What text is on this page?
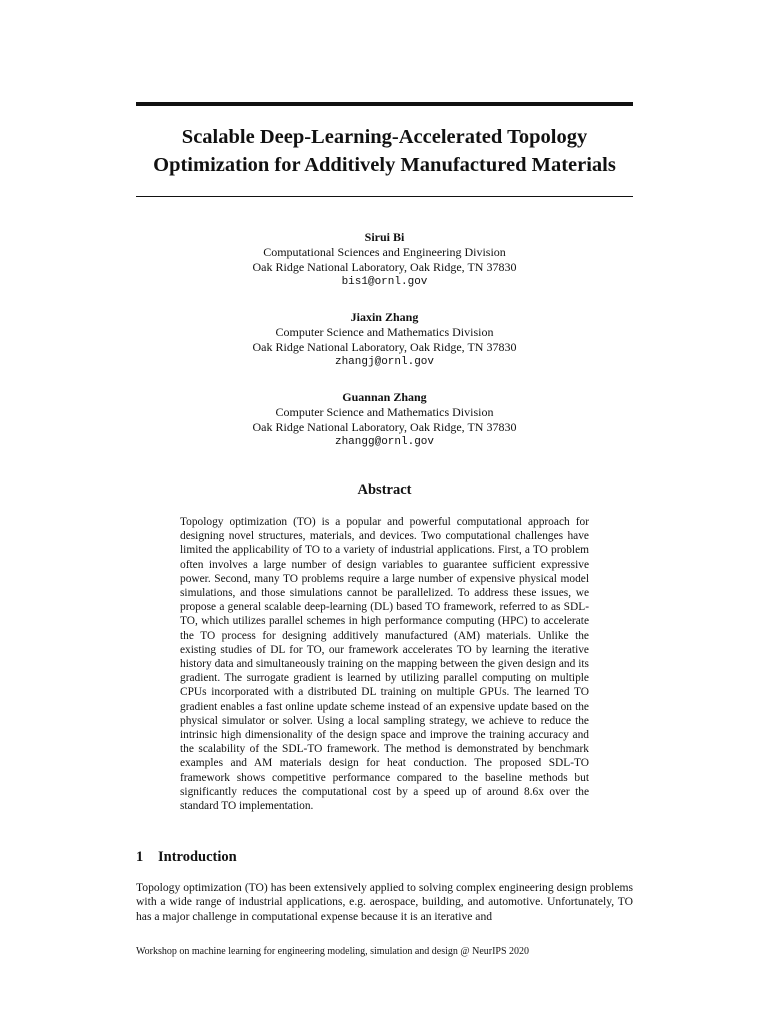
Scalable Deep-Learning-Accelerated Topology Optimization for Additively Manufactured Materials
Sirui Bi
Computational Sciences and Engineering Division
Oak Ridge National Laboratory, Oak Ridge, TN 37830
bis1@ornl.gov
Jiaxin Zhang
Computer Science and Mathematics Division
Oak Ridge National Laboratory, Oak Ridge, TN 37830
zhangj@ornl.gov
Guannan Zhang
Computer Science and Mathematics Division
Oak Ridge National Laboratory, Oak Ridge, TN 37830
zhangg@ornl.gov
Abstract
Topology optimization (TO) is a popular and powerful computational approach for designing novel structures, materials, and devices. Two computational challenges have limited the applicability of TO to a variety of industrial applications. First, a TO problem often involves a large number of design variables to guarantee sufficient expressive power. Second, many TO problems require a large number of expensive physical model simulations, and those simulations cannot be parallelized. To address these issues, we propose a general scalable deep-learning (DL) based TO framework, referred to as SDL-TO, which utilizes parallel schemes in high performance computing (HPC) to accelerate the TO process for designing additively manufactured (AM) materials. Unlike the existing studies of DL for TO, our framework accelerates TO by learning the iterative history data and simultaneously training on the mapping between the given design and its gradient. The surrogate gradient is learned by utilizing parallel computing on multiple CPUs incorporated with a distributed DL training on multiple GPUs. The learned TO gradient enables a fast online update scheme instead of an expensive update based on the physical simulator or solver. Using a local sampling strategy, we achieve to reduce the intrinsic high dimensionality of the design space and improve the training accuracy and the scalability of the SDL-TO framework. The method is demonstrated by benchmark examples and AM materials design for heat conduction. The proposed SDL-TO framework shows competitive performance compared to the baseline methods but significantly reduces the computational cost by a speed up of around 8.6x over the standard TO implementation.
1 Introduction
Topology optimization (TO) has been extensively applied to solving complex engineering design problems with a wide range of industrial applications, e.g. aerospace, building, and automotive. Unfortunately, TO has a major challenge in computational expense because it is an iterative and
Workshop on machine learning for engineering modeling, simulation and design @ NeurIPS 2020
